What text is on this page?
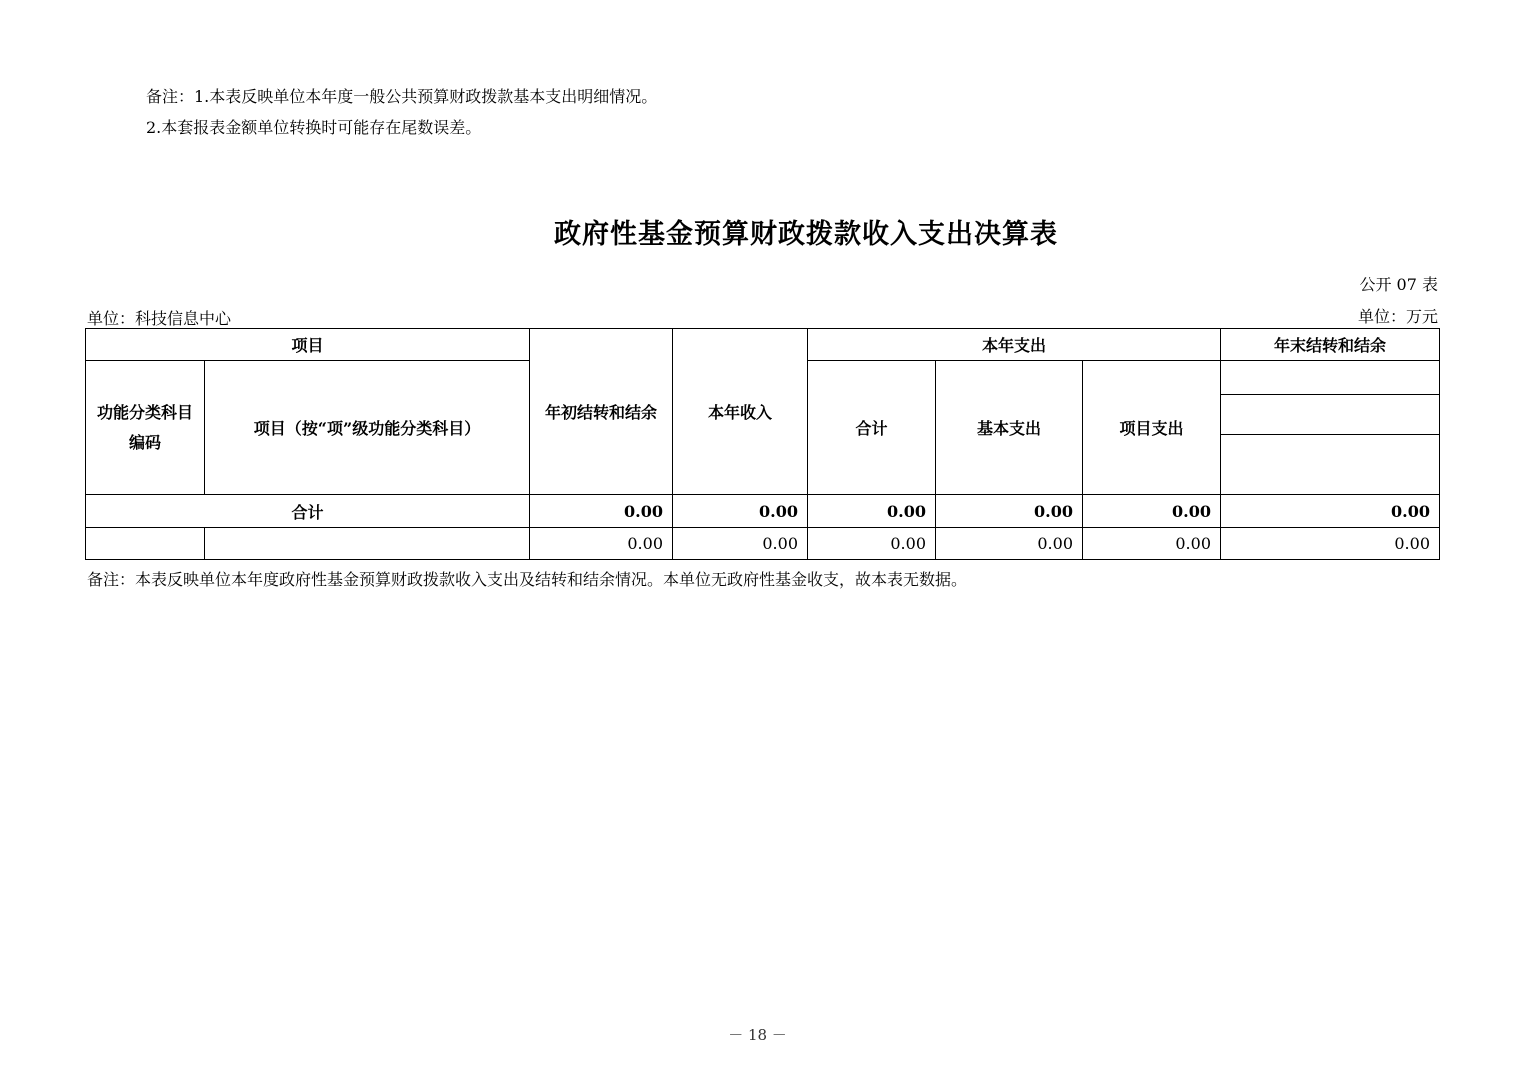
备注：1.本表反映单位本年度一般公共预算财政拨款基本支出明细情况。
2.本套报表金额单位转换时可能存在尾数误差。
政府性基金预算财政拨款收入支出决算表
公开 07 表
单位：科技信息中心	单位：万元
项目		年初结转和结余	本年收入	本年支出			年末结转和结余
功能分类科目编码	项目（按“项”级功能分类科目）			合计	基本支出	项目支出	

合计		0.00	0.00	0.00	0.00	0.00	0.00
		0.00	0.00	0.00	0.00	0.00	0.00
备注：本表反映单位本年度政府性基金预算财政拨款收入支出及结转和结余情况。本单位无政府性基金收支，故本表无数据。
－ 18 －
